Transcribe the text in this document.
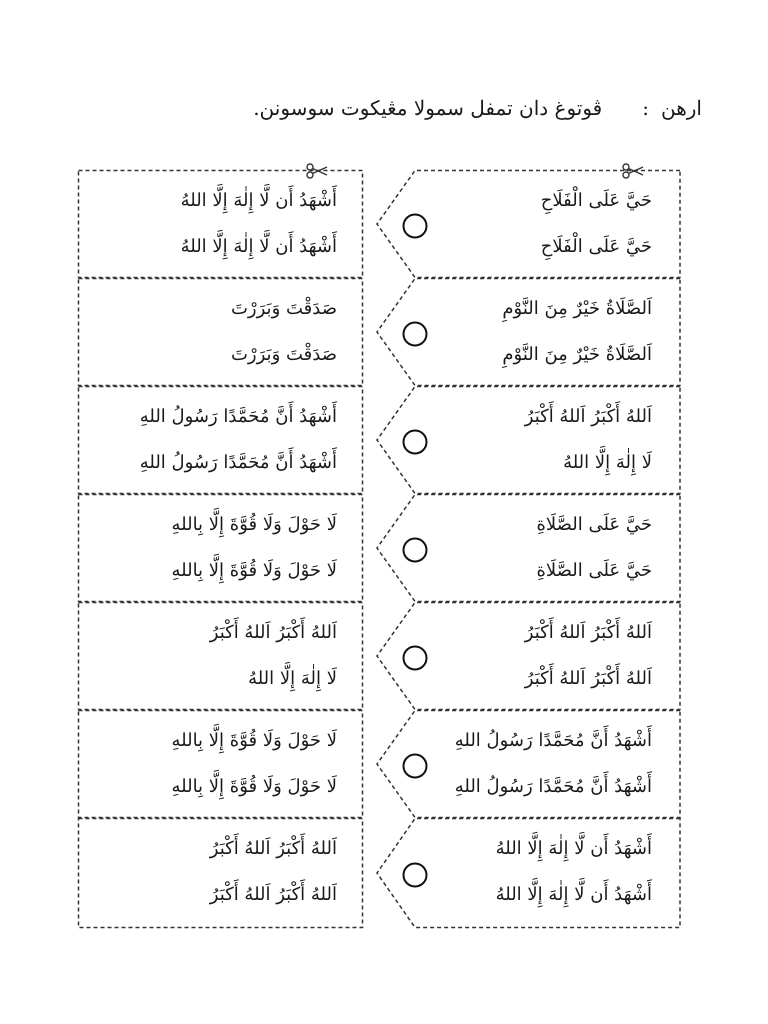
ارهن:ڤوتوغ دان تمفل سمولا مڠيکوت سوسونن.
أَشْهَدُ أَن لَّا إِلٰهَ إِلَّا اللهُ
أَشْهَدُ أَن لَّا إِلٰهَ إِلَّا اللهُ
صَدَقْتَ وَبَرَرْتَ
صَدَقْتَ وَبَرَرْتَ
أَشْهَدُ أَنَّ مُحَمَّدًا رَسُولُ اللهِ
أَشْهَدُ أَنَّ مُحَمَّدًا رَسُولُ اللهِ
لَا حَوْلَ وَلَا قُوَّةَ إِلَّا بِاللهِ
لَا حَوْلَ وَلَا قُوَّةَ إِلَّا بِاللهِ
اَللهُ أَكْبَرُ اَللهُ أَكْبَرُ
لَا إِلٰهَ إِلَّا اللهُ
لَا حَوْلَ وَلَا قُوَّةَ إِلَّا بِاللهِ
لَا حَوْلَ وَلَا قُوَّةَ إِلَّا بِاللهِ
اَللهُ أَكْبَرُ اَللهُ أَكْبَرُ
اَللهُ أَكْبَرُ اَللهُ أَكْبَرُ
حَيَّ عَلَى الْفَلَاحِ
حَيَّ عَلَى الْفَلَاحِ
اَلصَّلَاةُ خَيْرٌ مِنَ النَّوْمِ
اَلصَّلَاةُ خَيْرٌ مِنَ النَّوْمِ
اَللهُ أَكْبَرُ اَللهُ أَكْبَرُ
لَا إِلٰهَ إِلَّا اللهُ
حَيَّ عَلَى الصَّلَاةِ
حَيَّ عَلَى الصَّلَاةِ
اَللهُ أَكْبَرُ اَللهُ أَكْبَرُ
اَللهُ أَكْبَرُ اَللهُ أَكْبَرُ
أَشْهَدُ أَنَّ مُحَمَّدًا رَسُولُ اللهِ
أَشْهَدُ أَنَّ مُحَمَّدًا رَسُولُ اللهِ
أَشْهَدُ أَن لَّا إِلٰهَ إِلَّا اللهُ
أَشْهَدُ أَن لَّا إِلٰهَ إِلَّا اللهُ
